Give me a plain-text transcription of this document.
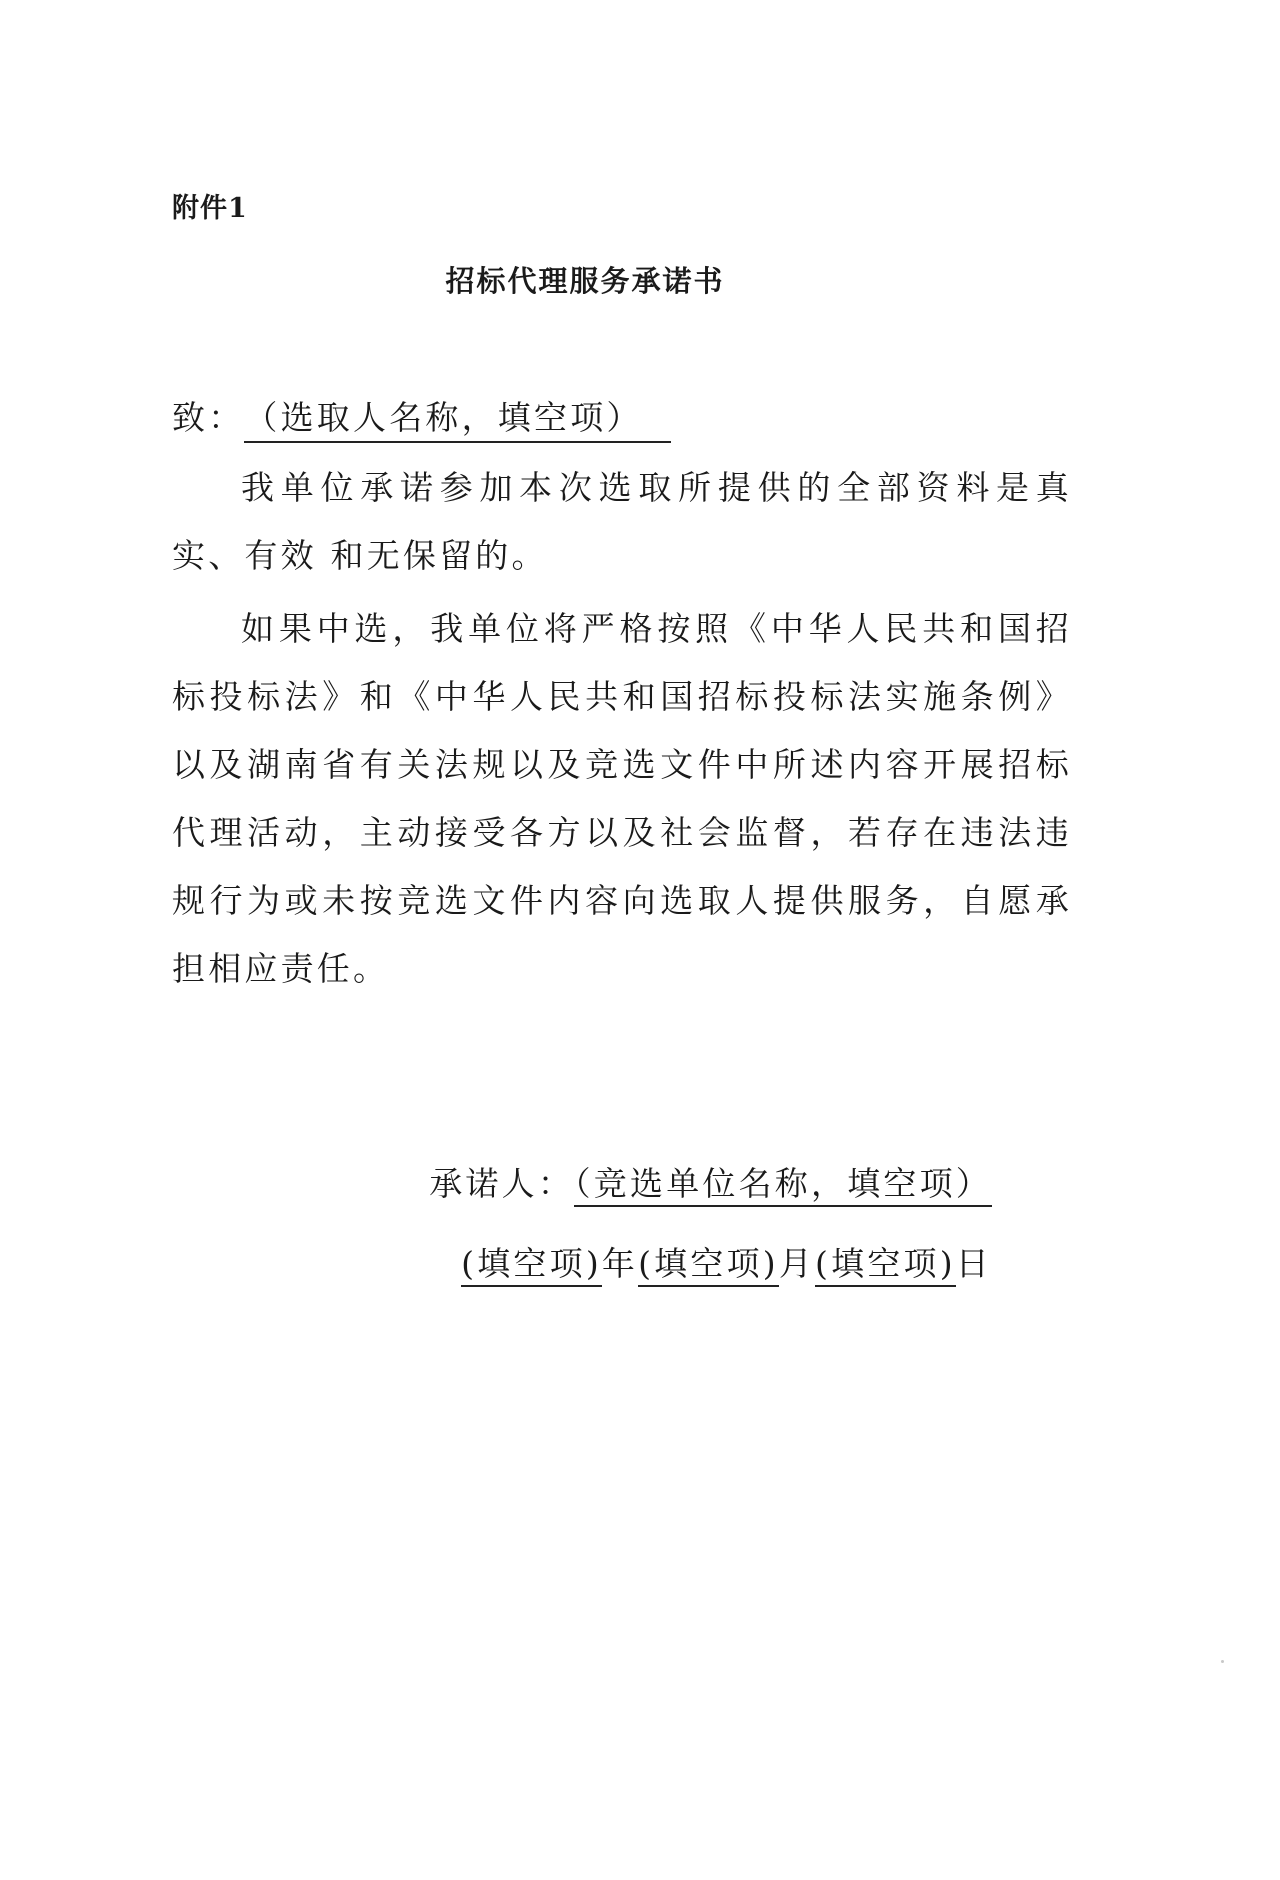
附件1
招标代理服务承诺书
致：（选取人名称，填空项）

我单位承诺参加本次选取所提供的全部资料是真实、有效 和无保留的。

如果中选，我单位将严格按照《中华人民共和国招标投标法》和《中华人民共和国招标投标法实施条例》以及湖南省有关法规以及竞选文件中所述内容开展招标代理活动，主动接受各方以及社会监督，若存在违法违规行为或未按竞选文件内容向选取人提供服务，自愿承担相应责任。

承诺人：（竞选单位名称，填空项）
(填空项)年(填空项)月(填空项)日
